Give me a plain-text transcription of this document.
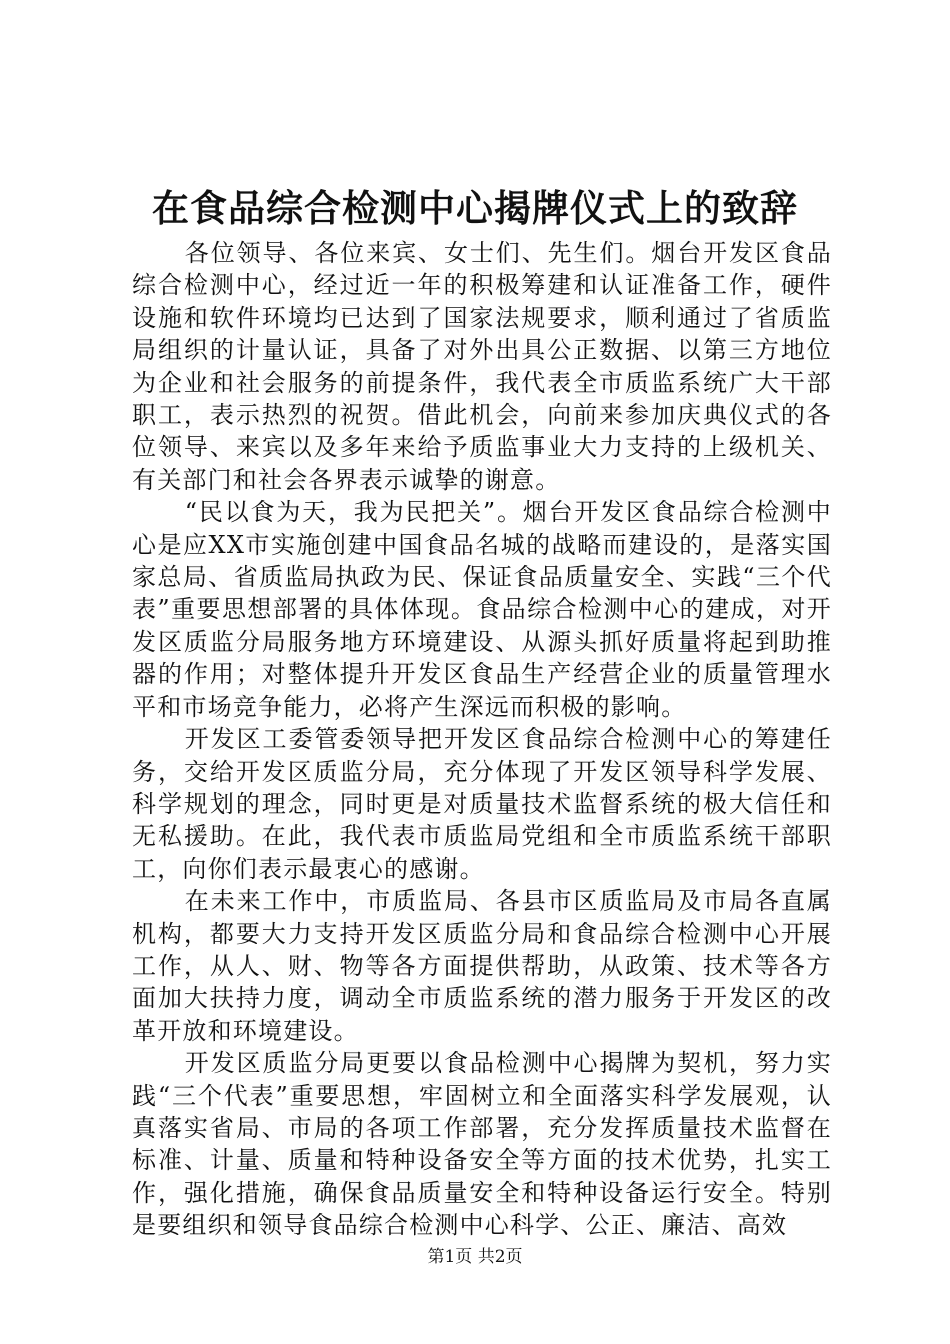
在食品综合检测中心揭牌仪式上的致辞

各位领导、各位来宾、女士们、先生们。烟台开发区食品综合检测中心，经过近一年的积极筹建和认证准备工作，硬件设施和软件环境均已达到了国家法规要求，顺利通过了省质监局组织的计量认证，具备了对外出具公正数据、以第三方地位为企业和社会服务的前提条件，我代表全市质监系统广大干部职工，表示热烈的祝贺。借此机会，向前来参加庆典仪式的各位领导、来宾以及多年来给予质监事业大力支持的上级机关、有关部门和社会各界表示诚挚的谢意。

“民以食为天，我为民把关”。烟台开发区食品综合检测中心是应XX市实施创建中国食品名城的战略而建设的，是落实国家总局、省质监局执政为民、保证食品质量安全、实践“三个代表”重要思想部署的具体体现。食品综合检测中心的建成，对开发区质监分局服务地方环境建设、从源头抓好质量将起到助推器的作用；对整体提升开发区食品生产经营企业的质量管理水平和市场竞争能力，必将产生深远而积极的影响。

开发区工委管委领导把开发区食品综合检测中心的筹建任务，交给开发区质监分局，充分体现了开发区领导科学发展、科学规划的理念，同时更是对质量技术监督系统的极大信任和无私援助。在此，我代表市质监局党组和全市质监系统干部职工，向你们表示最衷心的感谢。

在未来工作中，市质监局、各县市区质监局及市局各直属机构，都要大力支持开发区质监分局和食品综合检测中心开展工作，从人、财、物等各方面提供帮助，从政策、技术等各方面加大扶持力度，调动全市质监系统的潜力服务于开发区的改革开放和环境建设。

开发区质监分局更要以食品检测中心揭牌为契机，努力实践“三个代表”重要思想，牢固树立和全面落实科学发展观，认真落实省局、市局的各项工作部署，充分发挥质量技术监督在标准、计量、质量和特种设备安全等方面的技术优势，扎实工作，强化措施，确保食品质量安全和特种设备运行安全。特别是要组织和领导食品综合检测中心科学、公正、廉洁、高效

第1页 共2页
